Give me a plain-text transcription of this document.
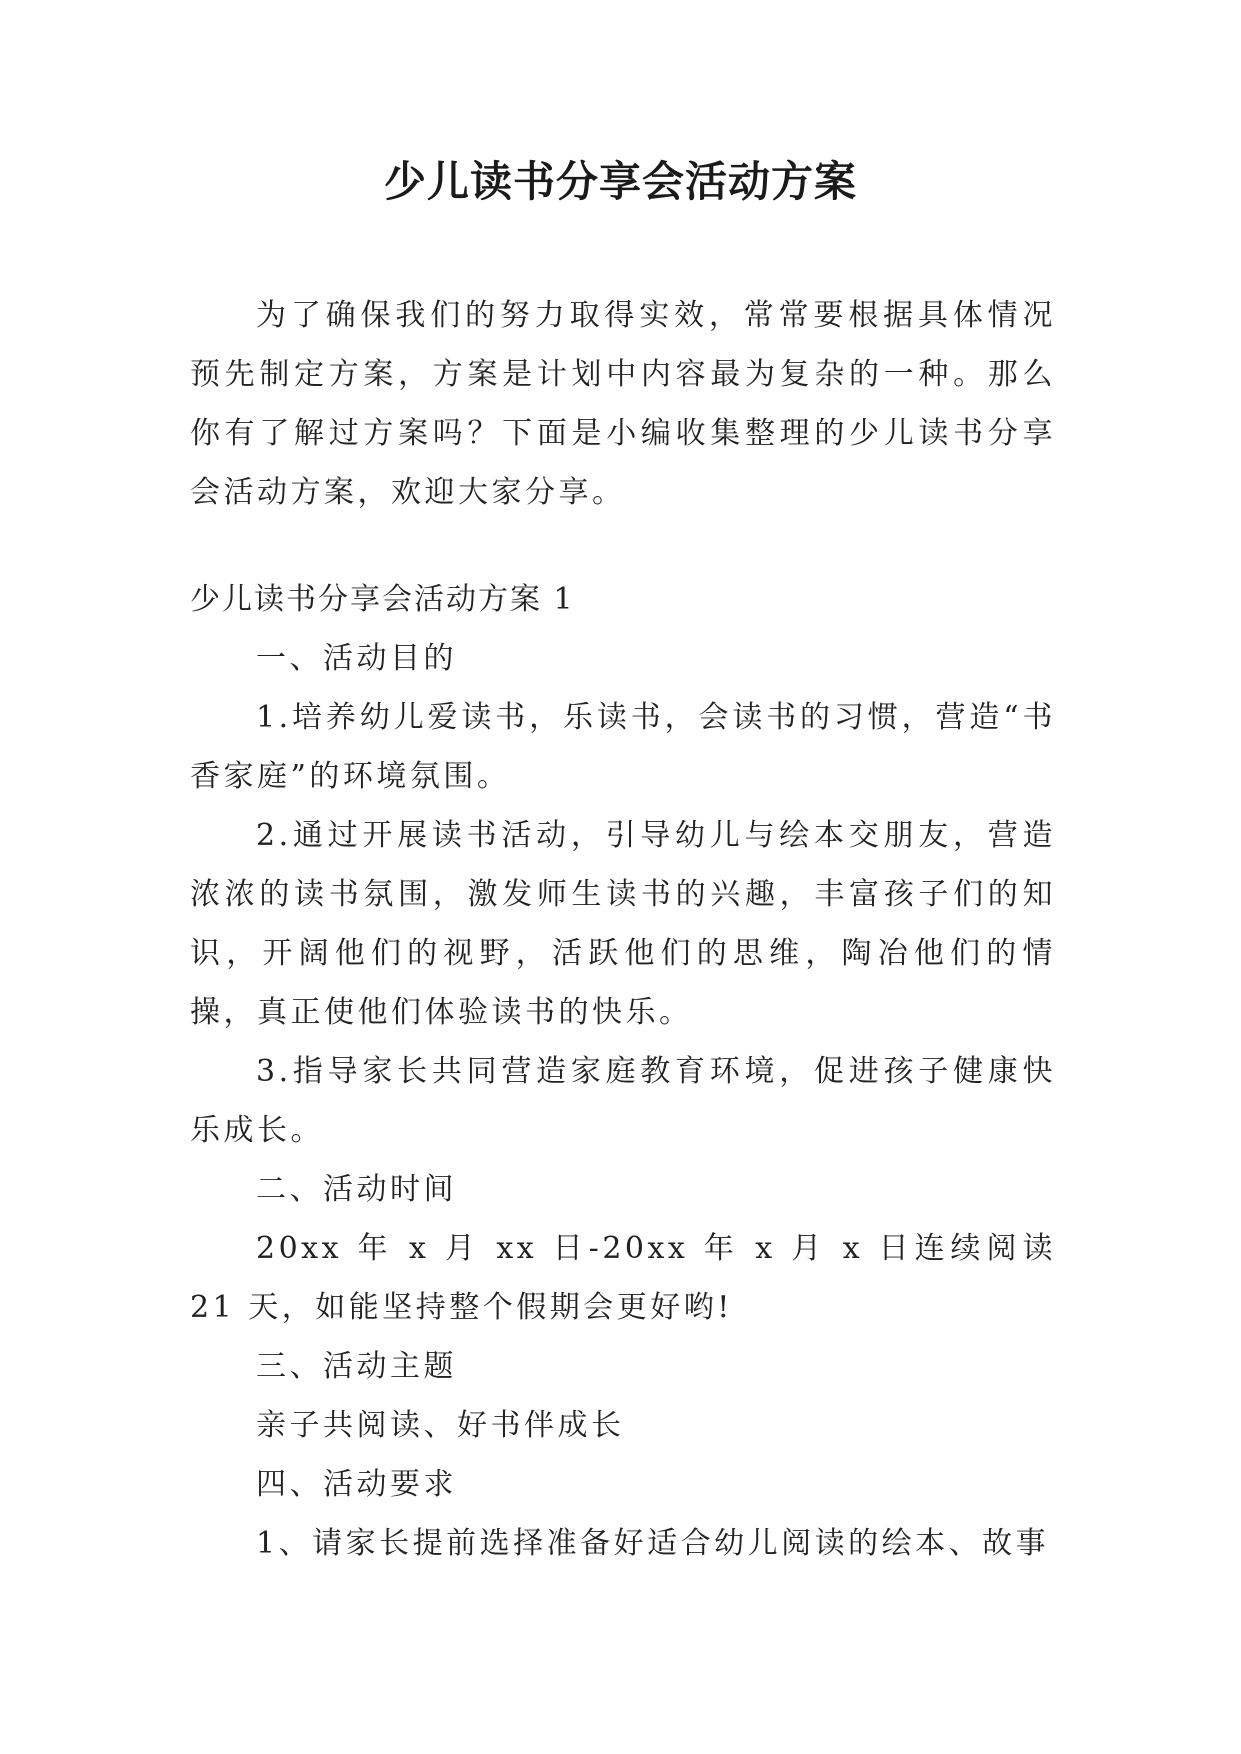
少儿读书分享会活动方案

为了确保我们的努力取得实效，常常要根据具体情况预先制定方案，方案是计划中内容最为复杂的一种。那么你有了解过方案吗？下面是小编收集整理的少儿读书分享会活动方案，欢迎大家分享。

少儿读书分享会活动方案 1

一、活动目的

1.培养幼儿爱读书，乐读书，会读书的习惯，营造“书香家庭”的环境氛围。

2.通过开展读书活动，引导幼儿与绘本交朋友，营造浓浓的读书氛围，激发师生读书的兴趣，丰富孩子们的知识，开阔他们的视野，活跃他们的思维，陶冶他们的情操，真正使他们体验读书的快乐。

3.指导家长共同营造家庭教育环境，促进孩子健康快乐成长。

二、活动时间

20xx 年 x 月 xx 日-20xx 年 x 月 x 日连续阅读 21 天，如能坚持整个假期会更好哟!

三、活动主题

亲子共阅读、好书伴成长

四、活动要求

1、请家长提前选择准备好适合幼儿阅读的绘本、故事
